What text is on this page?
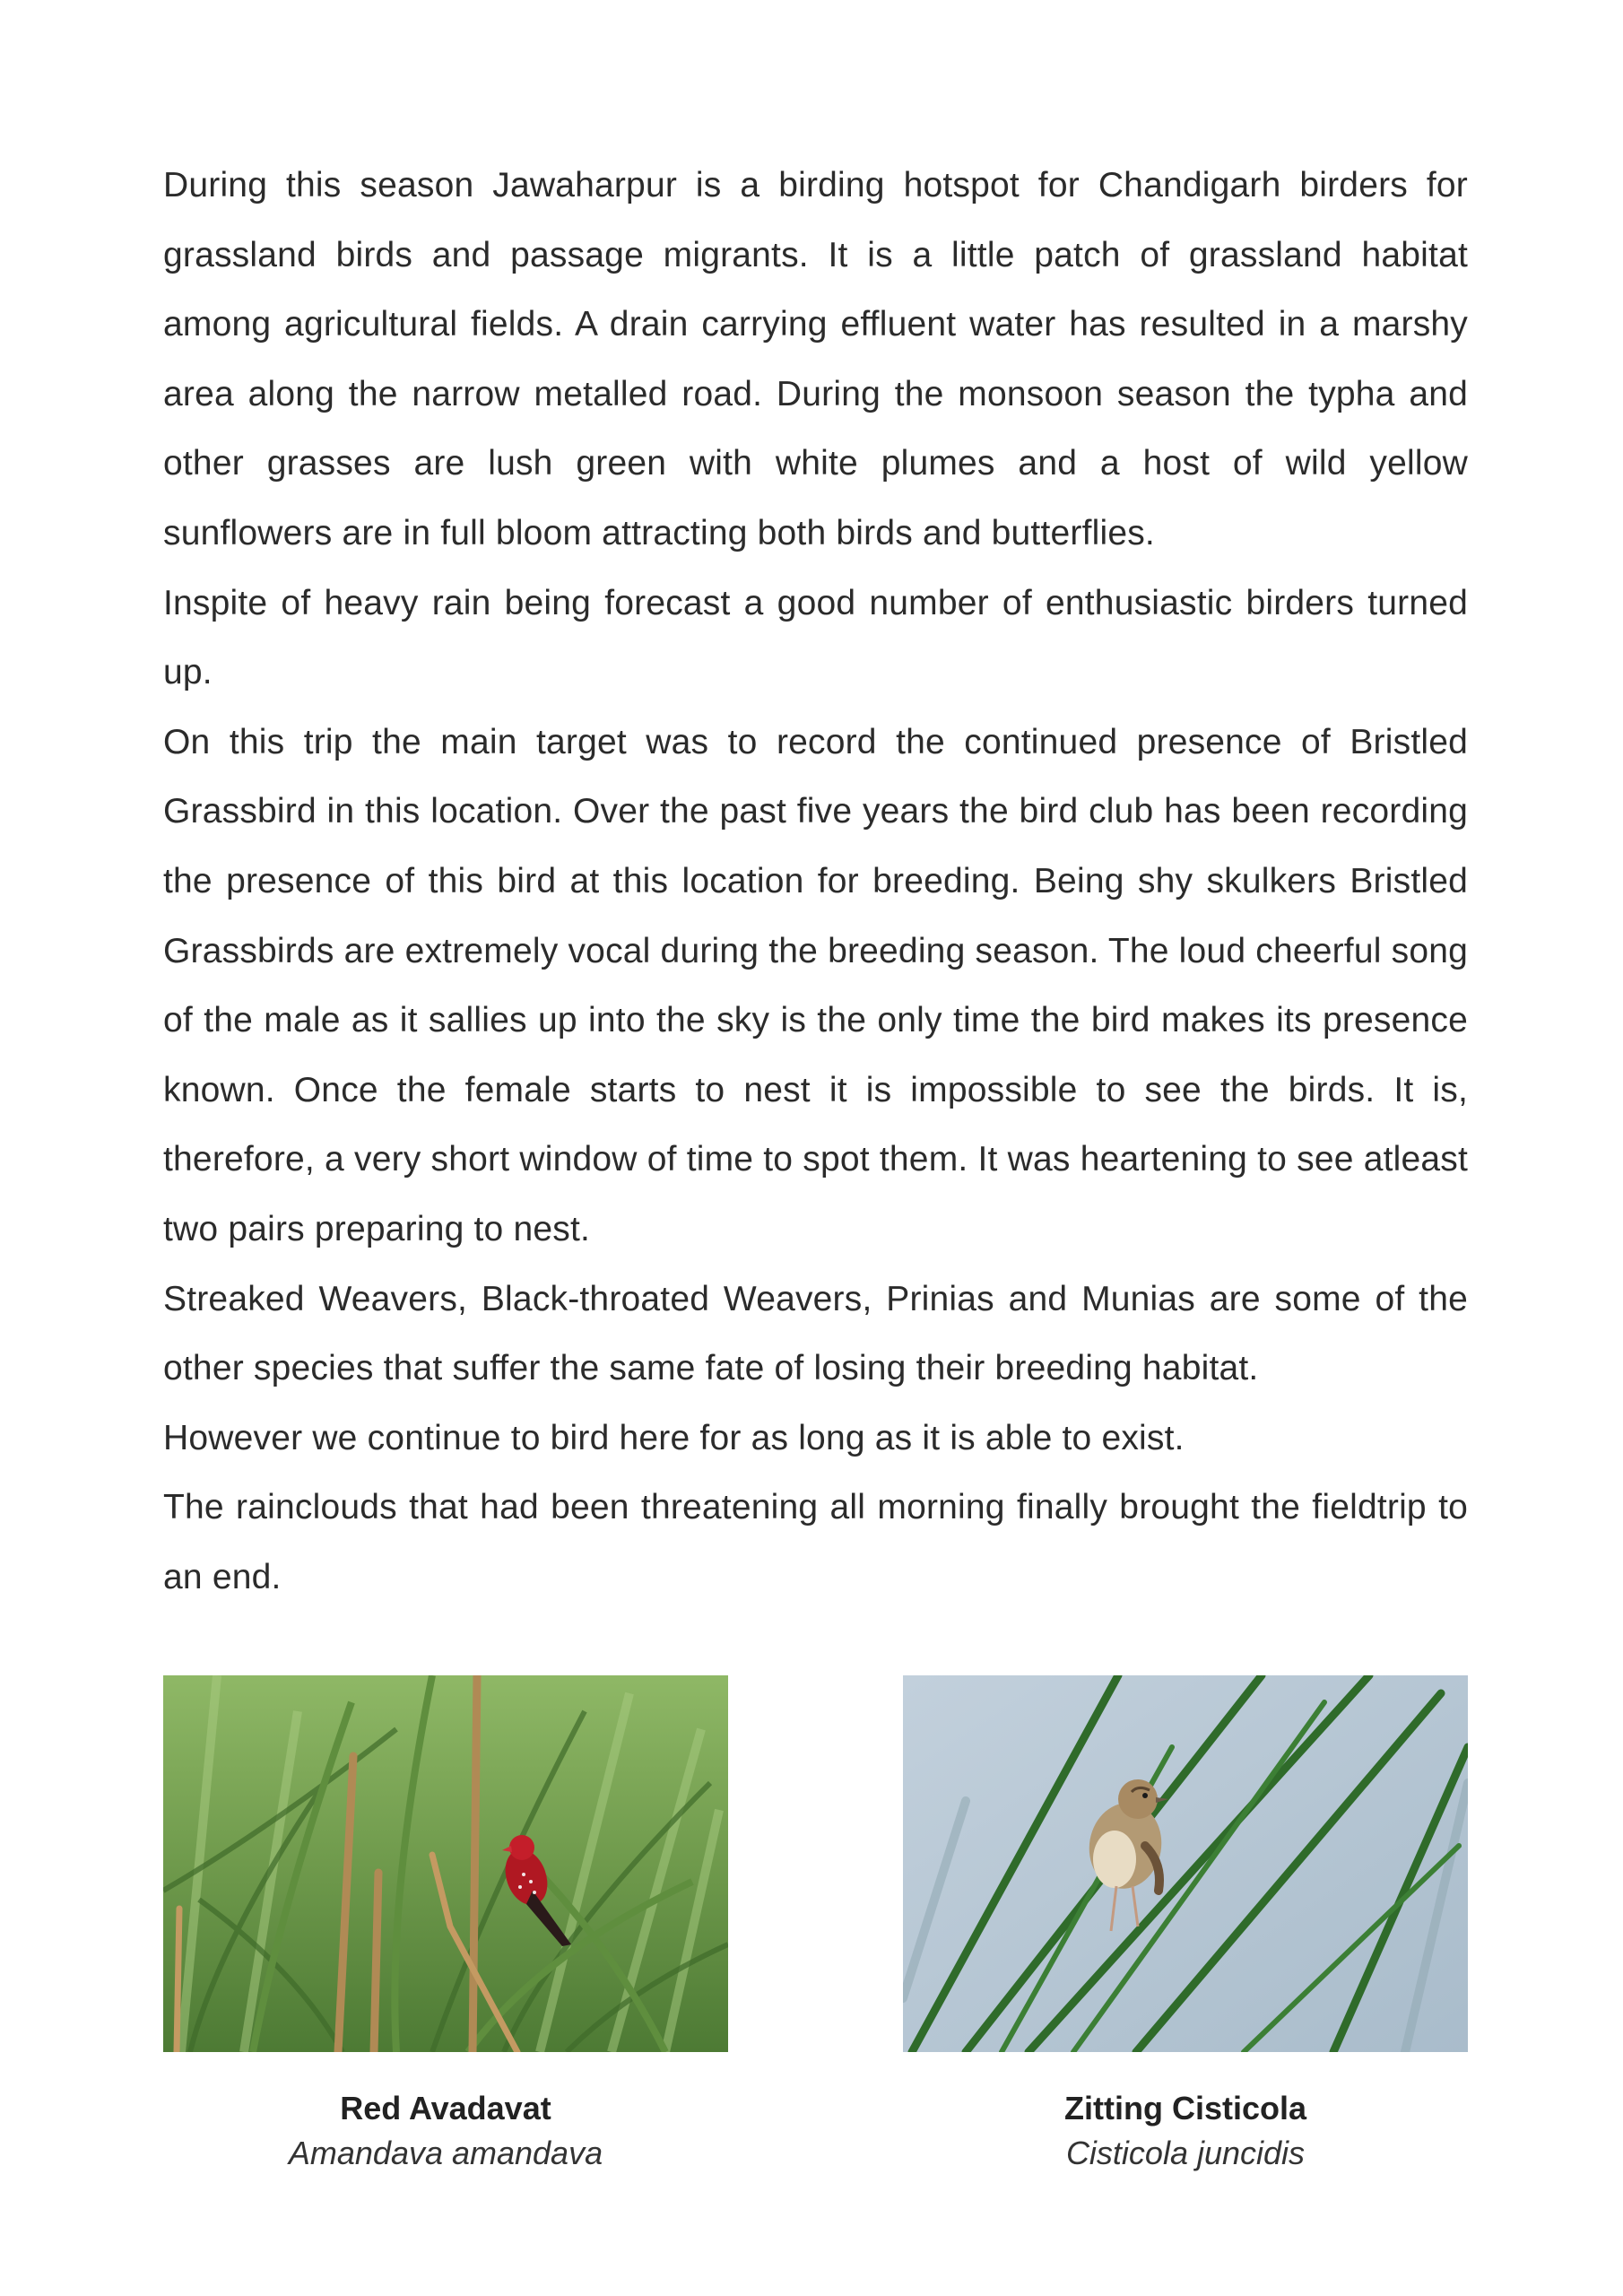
During this season Jawaharpur is a birding hotspot for Chandigarh birders for grassland birds and passage migrants. It is a little patch of grassland habitat among agricultural fields. A drain carrying effluent water has resulted in a marshy area along the narrow metalled road. During the monsoon season the typha and other grasses are lush green with white plumes and a host of wild yellow sunflowers are in full bloom attracting both birds and butterflies.

Inspite of heavy rain being forecast a good number of enthusiastic birders turned up.

On this trip the main target was to record the continued presence of Bristled Grassbird in this location. Over the past five years the bird club has been recording the presence of this bird at this location for breeding. Being shy skulkers Bristled Grassbirds are extremely vocal during the breeding season. The loud cheerful song of the male as it sallies up into the sky is the only time the bird makes its presence known. Once the female starts to nest it is impossible to see the birds. It is, therefore, a very short window of time to spot them. It was heartening to see atleast two pairs preparing to nest.

Streaked Weavers, Black-throated Weavers, Prinias and Munias are some of the other species that suffer the same fate of losing their breeding habitat.

However we continue to bird here for as long as it is able to exist.

The rainclouds that had been threatening all morning finally brought the fieldtrip to an end.

Red Avadavat
Amandava amandava
Zitting Cisticola
Cisticola juncidis
